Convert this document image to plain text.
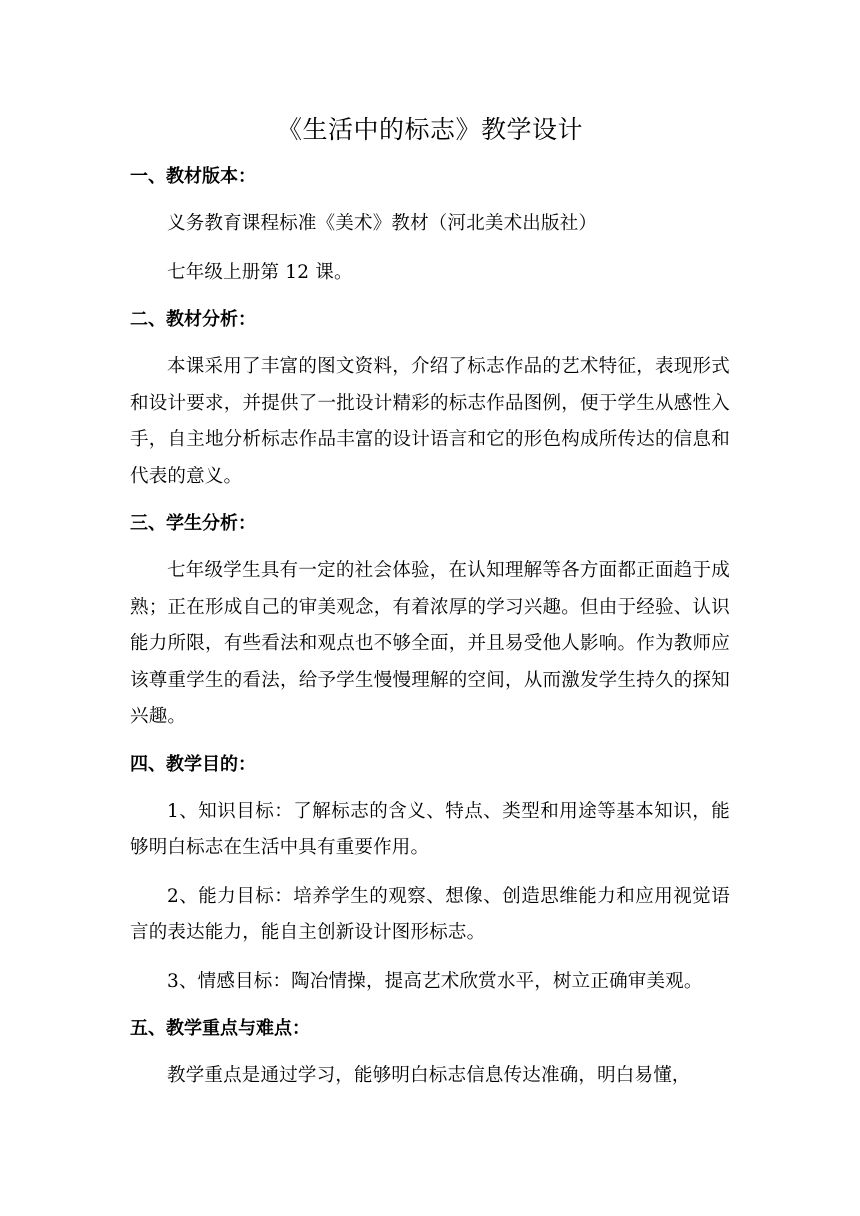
《生活中的标志》教学设计
一、教材版本：

义务教育课程标准《美术》教材（河北美术出版社）

七年级上册第 12 课。

二、教材分析：

本课采用了丰富的图文资料，介绍了标志作品的艺术特征，表现形式和设计要求，并提供了一批设计精彩的标志作品图例，便于学生从感性入手，自主地分析标志作品丰富的设计语言和它的形色构成所传达的信息和代表的意义。

三、学生分析：

七年级学生具有一定的社会体验，在认知理解等各方面都正面趋于成熟；正在形成自己的审美观念，有着浓厚的学习兴趣。但由于经验、认识能力所限，有些看法和观点也不够全面，并且易受他人影响。作为教师应该尊重学生的看法，给予学生慢慢理解的空间，从而激发学生持久的探知兴趣。

四、教学目的：

1、知识目标：了解标志的含义、特点、类型和用途等基本知识，能够明白标志在生活中具有重要作用。

2、能力目标：培养学生的观察、想像、创造思维能力和应用视觉语言的表达能力，能自主创新设计图形标志。

3、情感目标：陶冶情操，提高艺术欣赏水平，树立正确审美观。

五、教学重点与难点：

教学重点是通过学习，能够明白标志信息传达准确，明白易懂，
